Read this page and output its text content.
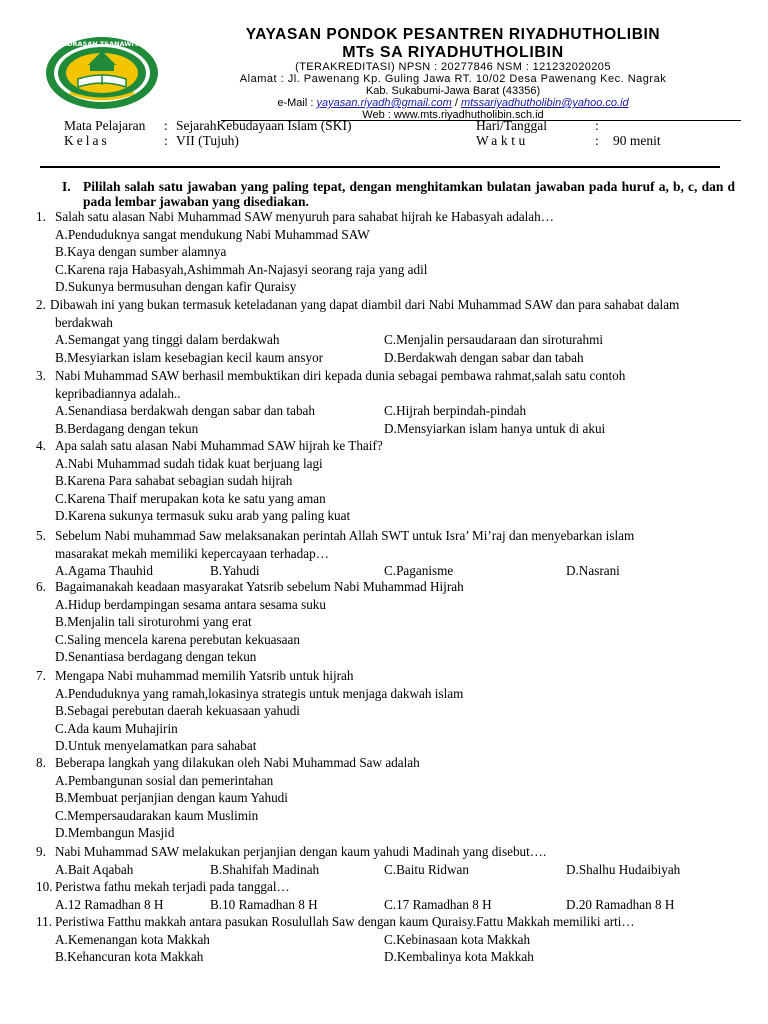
MADRASAH TSANAWIYAH
YAYASAN PONDOK PESANTREN RIYADHUTHOLIBIN
MTs SA RIYADHUTHOLIBIN
(TERAKREDITASI) NPSN : 20277846 NSM : 121232020205
Alamat : Jl. Pawenang Kp. Guling Jawa RT. 10/02 Desa Pawenang Kec. Nagrak
Kab. Sukabumi-Jawa Barat (43356)
e-Mail : yayasan.riyadh@gmail.com / mtssariyadhutholibin@yahoo.co.id
Web : www.mts.riyadhutholibin.sch.id
Mata Pelajaran : SejarahKebudayaan Islam (SKI)	Hari/Tanggal	:
Kelas	: VII (Tujuh)	Waktu	: 90 menit
I. Pililah salah satu jawaban yang paling tepat, dengan menghitamkan bulatan jawaban pada huruf a, b, c, dan d pada lembar jawaban yang disediakan.
1. Salah satu alasan Nabi Muhammad SAW menyuruh para sahabat hijrah ke Habasyah adalah…
A.Penduduknya sangat mendukung Nabi Muhammad SAW
B.Kaya dengan sumber alamnya
C.Karena raja Habasyah,Ashimmah An-Najasyi seorang raja yang adil
D.Sukunya bermusuhan dengan kafir Quraisy
2. Dibawah ini yang bukan termasuk keteladanan yang dapat diambil dari Nabi Muhammad SAW dan para sahabat dalam
berdakwah
A.Semangat yang tinggi dalam berdakwah	C.Menjalin persaudaraan dan siroturahmi
B.Mesyiarkan islam kesebagian kecil kaum ansyor	D.Berdakwah dengan sabar dan tabah
3. Nabi Muhammad SAW berhasil membuktikan diri kepada dunia sebagai pembawa rahmat,salah satu contoh
kepribadiannya adalah..
A.Senandiasa berdakwah dengan sabar dan tabah	C.Hijrah berpindah-pindah
B.Berdagang dengan tekun	D.Mensyiarkan islam hanya untuk di akui
4. Apa salah satu alasan Nabi Muhammad SAW hijrah ke Thaif?
A.Nabi Muhammad sudah tidak kuat berjuang lagi
B.Karena Para sahabat sebagian sudah hijrah
C.Karena Thaif merupakan kota ke satu yang aman
D.Karena sukunya termasuk suku arab yang paling kuat
5. Sebelum Nabi muhammad Saw melaksanakan perintah Allah SWT untuk Isra’ Mi’raj dan menyebarkan islam
masarakat mekah memiliki kepercayaan terhadap…
A.Agama Thauhid	B.Yahudi	C.Paganisme	D.Nasrani
6. Bagaimanakah keadaan masyarakat Yatsrib sebelum Nabi Muhammad Hijrah
A.Hidup berdampingan sesama antara sesama suku
B.Menjalin tali siroturohmi yang erat
C.Saling mencela karena perebutan kekuasaan
D.Senantiasa berdagang dengan tekun
7. Mengapa Nabi muhammad memilih Yatsrib untuk hijrah
A.Penduduknya yang ramah,lokasinya strategis untuk menjaga dakwah islam
B.Sebagai perebutan daerah kekuasaan yahudi
C.Ada kaum Muhajirin
D.Untuk menyelamatkan para sahabat
8. Beberapa langkah yang dilakukan oleh Nabi Muhammad Saw adalah
A.Pembangunan sosial dan pemerintahan
B.Membuat perjanjian dengan kaum Yahudi
C.Mempersaudarakan kaum Muslimin
D.Membangun Masjid
9. Nabi Muhammad SAW melakukan perjanjian dengan kaum yahudi Madinah yang disebut….
A.Bait Aqabah	B.Shahifah Madinah	C.Baitu Ridwan	D.Shalhu Hudaibiyah
10. Peristwa fathu mekah terjadi pada tanggal…
A.12 Ramadhan 8 H	B.10 Ramadhan 8 H	C.17 Ramadhan 8 H	D.20 Ramadhan 8 H
11. Peristiwa Fatthu makkah antara pasukan Rosulullah Saw dengan kaum Quraisy.Fattu Makkah memiliki arti…
A.Kemenangan kota Makkah	C.Kebinasaan kota Makkah
B.Kehancuran kota Makkah	D.Kembalinya kota Makkah
